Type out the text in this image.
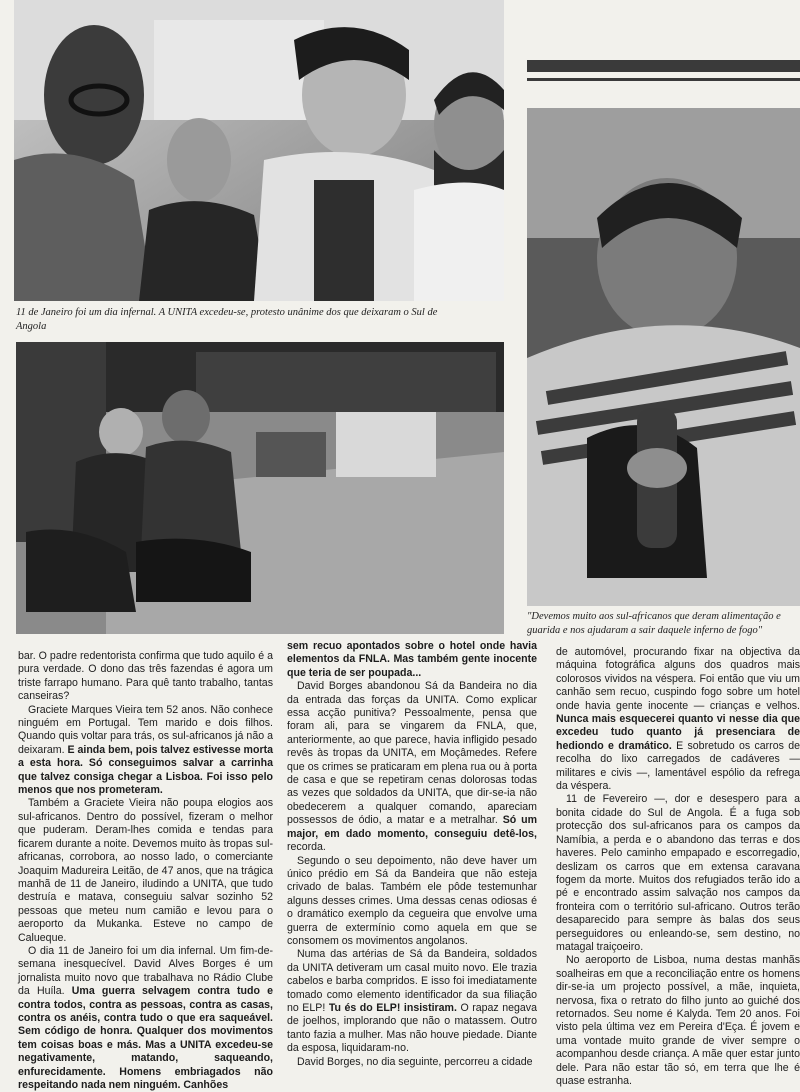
11 de Janeiro foi um dia infernal. A UNITA excedeu-se, protesto unânime dos que deixaram o Sul de Angola
"Devemos muito aos sul-africanos que deram alimentação e guarida e nos ajudaram a sair daquele inferno de fogo"

bar. O padre redentorista confirma que tudo aquilo é a pura verdade. O dono das três fazendas é agora um triste farrapo humano. Para quê tanto trabalho, tantas canseiras?

Graciete Marques Vieira tem 52 anos. Não conhece ninguém em Portugal. Tem marido e dois filhos. Quando quis voltar para trás, os sul-africanos já não a deixaram. E ainda bem, pois talvez estivesse morta a esta hora. Só conseguimos salvar a carrinha que talvez consiga chegar a Lisboa. Foi isso pelo menos que nos prometeram.

Também a Graciete Vieira não poupa elogios aos sul-africanos. Dentro do possível, fizeram o melhor que puderam. Deram-lhes comida e tendas para ficarem durante a noite. Devemos muito às tropas sul-africanas, corrobora, ao nosso lado, o comerciante Joaquim Madureira Leitão, de 47 anos, que na trágica manhã de 11 de Janeiro, iludindo a UNITA, que tudo destruía e matava, conseguiu salvar sozinho 52 pessoas que meteu num camião e levou para o aeroporto da Mukanka. Esteve no campo de Calueque.

O dia 11 de Janeiro foi um dia infernal. Um fim-de-semana inesquecível. David Alves Borges é um jornalista muito novo que trabalhava no Rádio Clube da Huíla. Uma guerra selvagem contra tudo e contra todos, contra as pessoas, contra as casas, contra os anéis, contra tudo o que era saqueável. Sem código de honra. Qualquer dos movimentos tem coisas boas e más. Mas a UNITA excedeu-se negativamente, matando, saqueando, enfurecidamente. Homens embriagados não respeitando nada nem ninguém. Canhões

sem recuo apontados sobre o hotel onde havia elementos da FNLA. Mas também gente inocente que teria de ser poupada...

David Borges abandonou Sá da Bandeira no dia da entrada das forças da UNITA. Como explicar essa acção punitiva? Pessoalmente, pensa que foram ali, para se vingarem da FNLA, que, anteriormente, ao que parece, havia infligido pesado revês às tropas da UNITA, em Moçâmedes. Refere que os crimes se praticaram em plena rua ou à porta de casa e que se repetiram cenas dolorosas todas as vezes que soldados da UNITA, que dir-se-ia não obedecerem a qualquer comando, apareciam possessos de ódio, a matar e a metralhar. Só um major, em dado momento, conseguiu detê-los, recorda.

Segundo o seu depoimento, não deve haver um único prédio em Sá da Bandeira que não esteja crivado de balas. Também ele pôde testemunhar alguns desses crimes. Uma dessas cenas odiosas é o dramático exemplo da cegueira que envolve uma guerra de extermínio como aquela em que se consomem os movimentos angolanos.

Numa das artérias de Sá da Bandeira, soldados da UNITA detiveram um casal muito novo. Ele trazia cabelos e barba compridos. E isso foi imediatamente tomado como elemento identificador da sua filiação no ELP! Tu és do ELP! insistiram. O rapaz negava de joelhos, implorando que não o matassem. Outro tanto fazia a mulher. Mas não houve piedade. Diante da esposa, liquidaram-no.

David Borges, no dia seguinte, percorreu a cidade

de automóvel, procurando fixar na objectiva da máquina fotográfica alguns dos quadros mais colorosos vividos na véspera. Foi então que viu um canhão sem recuo, cuspindo fogo sobre um hotel onde havia gente inocente — crianças e velhos. Nunca mais esquecerei quanto vi nesse dia que excedeu tudo quanto já presenciara de hediondo e dramático. E sobretudo os carros de recolha do lixo carregados de cadáveres — militares e civis —, lamentável espólio da refrega da véspera.

11 de Fevereiro —, dor e desespero para a bonita cidade do Sul de Angola. É a fuga sob protecção dos sul-africanos para os campos da Namíbia, a perda e o abandono das terras e dos haveres. Pelo caminho empapado e escorregadio, deslizam os carros que em extensa caravana fogem da morte. Muitos dos refugiados terão ido a pé e encontrado assim salvação nos campos da fronteira com o território sul-africano. Outros terão desaparecido para sempre às balas dos seus perseguidores ou enleando-se, sem destino, no matagal traiçoeiro.

No aeroporto de Lisboa, numa destas manhãs soalheiras em que a reconciliação entre os homens dir-se-ia um projecto possível, a mãe, inquieta, nervosa, fixa o retrato do filho junto ao guiché dos retornados. Seu nome é Kalyda. Tem 20 anos. Foi visto pela última vez em Pereira d'Eça. É jovem e uma vontade muito grande de viver sempre o acompanhou desde criança. A mãe quer estar junto dele. Para não estar tão só, em terra que lhe é quase estranha.
